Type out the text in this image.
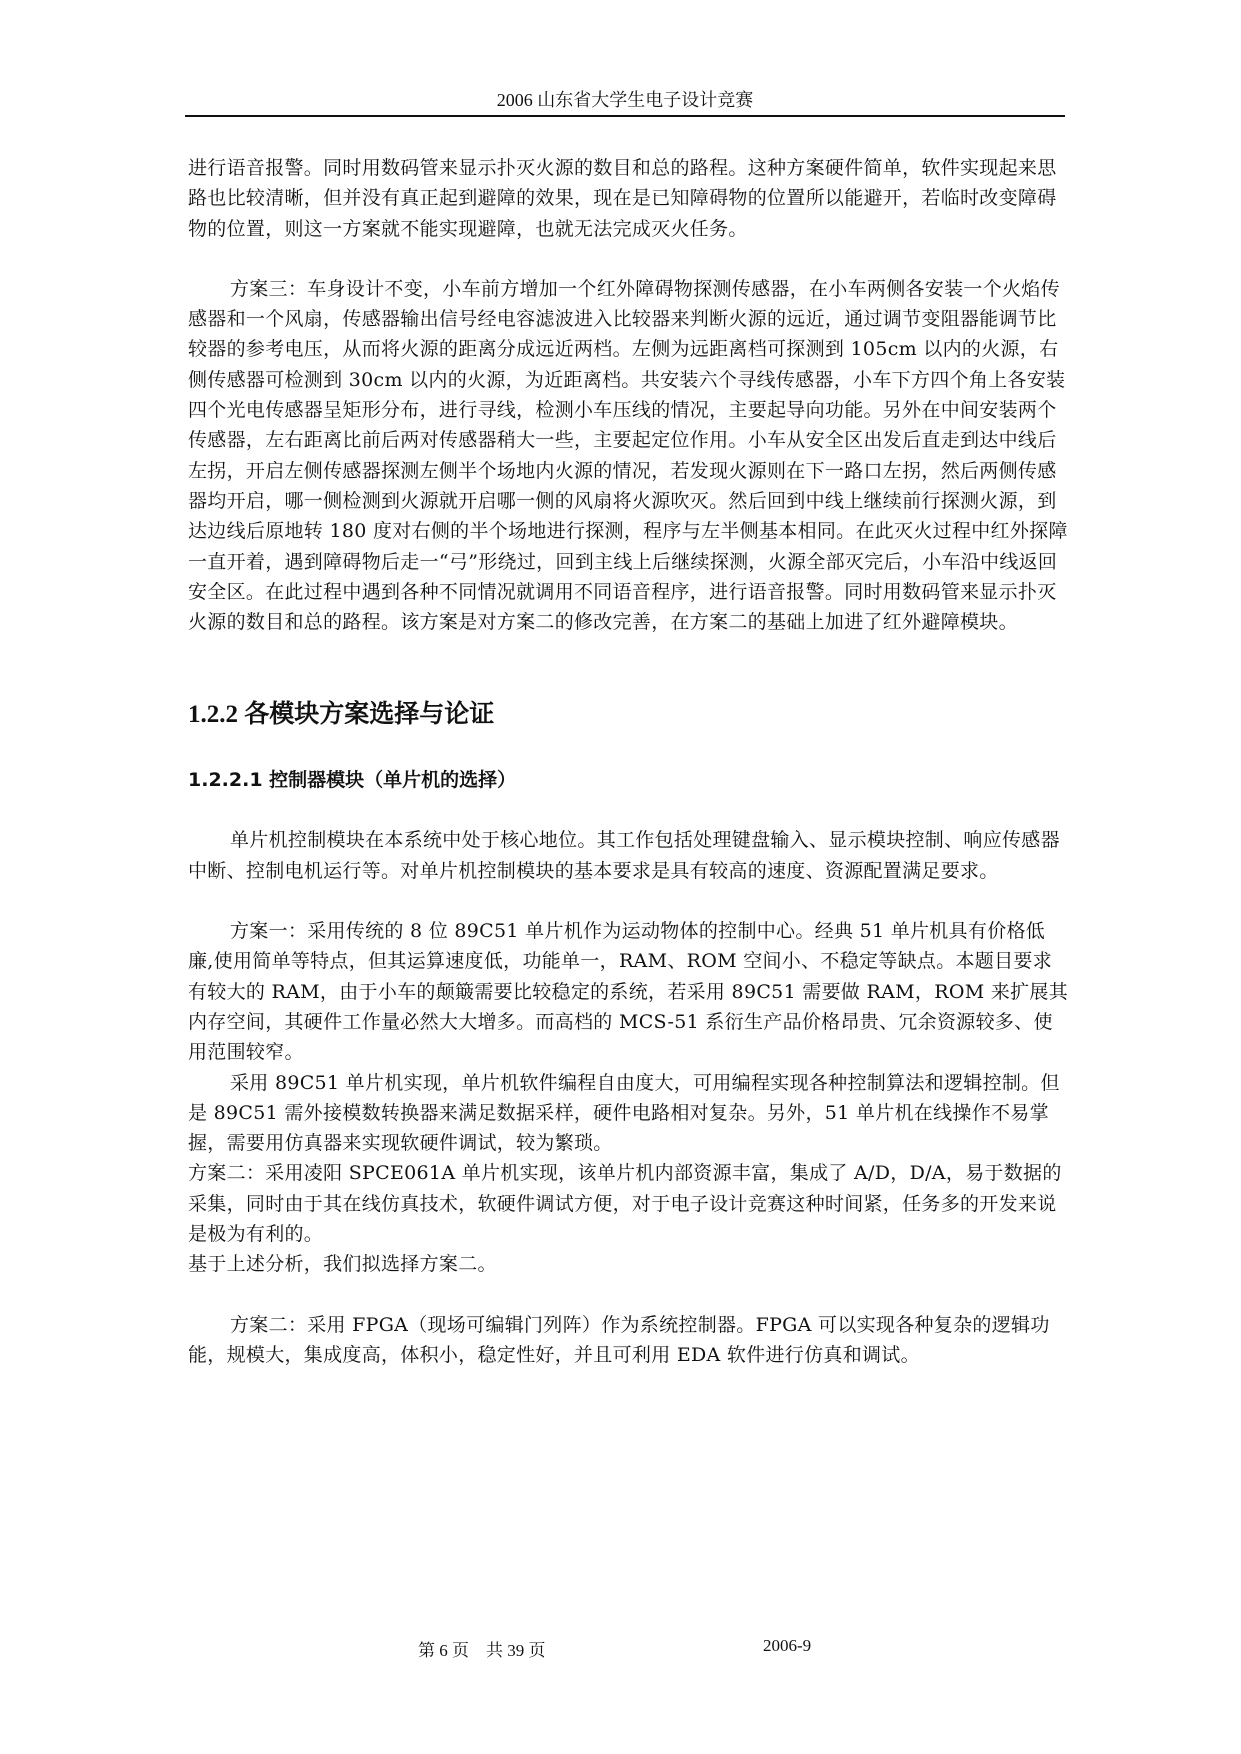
2006 山东省大学生电子设计竞赛

进行语音报警。同时用数码管来显示扑灭火源的数目和总的路程。这种方案硬件简单，软件实现起来思路也比较清晰，但并没有真正起到避障的效果，现在是已知障碍物的位置所以能避开，若临时改变障碍物的位置，则这一方案就不能实现避障，也就无法完成灭火任务。

方案三：车身设计不变，小车前方增加一个红外障碍物探测传感器，在小车两侧各安装一个火焰传感器和一个风扇，传感器输出信号经电容滤波进入比较器来判断火源的远近，通过调节变阻器能调节比较器的参考电压，从而将火源的距离分成远近两档。左侧为远距离档可探测到 105cm 以内的火源，右侧传感器可检测到 30cm 以内的火源，为近距离档。共安装六个寻线传感器，小车下方四个角上各安装四个光电传感器呈矩形分布，进行寻线，检测小车压线的情况，主要起导向功能。另外在中间安装两个传感器，左右距离比前后两对传感器稍大一些，主要起定位作用。小车从安全区出发后直走到达中线后左拐，开启左侧传感器探测左侧半个场地内火源的情况，若发现火源则在下一路口左拐，然后两侧传感器均开启，哪一侧检测到火源就开启哪一侧的风扇将火源吹灭。然后回到中线上继续前行探测火源，到达边线后原地转 180 度对右侧的半个场地进行探测，程序与左半侧基本相同。在此灭火过程中红外探障一直开着，遇到障碍物后走一“弓”形绕过，回到主线上后继续探测，火源全部灭完后，小车沿中线返回安全区。在此过程中遇到各种不同情况就调用不同语音程序，进行语音报警。同时用数码管来显示扑灭火源的数目和总的路程。该方案是对方案二的修改完善，在方案二的基础上加进了红外避障模块。

1.2.2 各模块方案选择与论证
1.2.2.1 控制器模块（单片机的选择）

单片机控制模块在本系统中处于核心地位。其工作包括处理键盘输入、显示模块控制、响应传感器中断、控制电机运行等。对单片机控制模块的基本要求是具有较高的速度、资源配置满足要求。

方案一：采用传统的 8 位 89C51 单片机作为运动物体的控制中心。经典 51 单片机具有价格低廉,使用简单等特点，但其运算速度低，功能单一，RAM、ROM 空间小、不稳定等缺点。本题目要求有较大的 RAM，由于小车的颠簸需要比较稳定的系统，若采用 89C51 需要做 RAM，ROM 来扩展其内存空间，其硬件工作量必然大大增多。而高档的 MCS-51 系衍生产品价格昂贵、冗余资源较多、使用范围较窄。

采用 89C51 单片机实现，单片机软件编程自由度大，可用编程实现各种控制算法和逻辑控制。但是 89C51 需外接模数转换器来满足数据采样，硬件电路相对复杂。另外，51 单片机在线操作不易掌握，需要用仿真器来实现软硬件调试，较为繁琐。

方案二：采用凌阳 SPCE061A 单片机实现，该单片机内部资源丰富，集成了 A/D，D/A，易于数据的采集，同时由于其在线仿真技术，软硬件调试方便，对于电子设计竞赛这种时间紧，任务多的开发来说是极为有利的。

基于上述分析，我们拟选择方案二。

方案二：采用 FPGA（现场可编辑门列阵）作为系统控制器。FPGA 可以实现各种复杂的逻辑功能，规模大，集成度高，体积小，稳定性好，并且可利用 EDA 软件进行仿真和调试。

第 6 页　共 39 页	2006-9
